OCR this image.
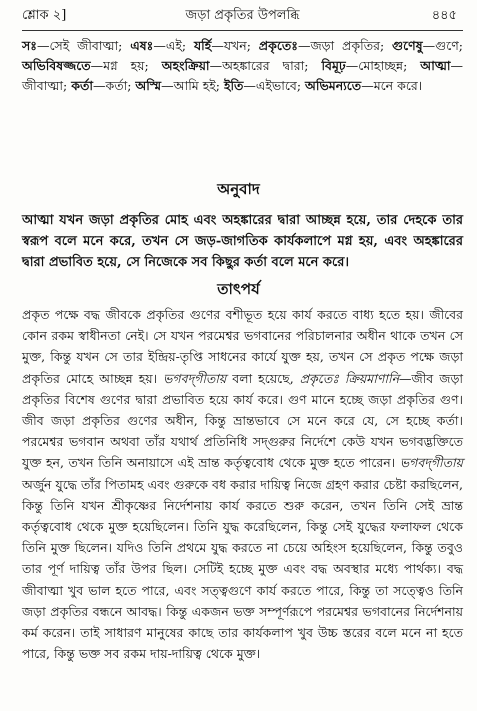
শ্লোক ২]	জড়া প্রকৃতির উপলব্ধি	৪৪৫
সঃ—সেই জীবাত্মা; এষঃ—এই; যর্হি—যখন; প্রকৃতেঃ—জড়া প্রকৃতির; গুণেষু—গুণে; অভিবিষজ্জতে—মগ্ন হয়; অহংক্রিয়া—অহঙ্কারের দ্বারা; বিমূঢ়—মোহাচ্ছন্ন; আত্মা—জীবাত্মা; কর্তা—কর্তা; অস্মি—আমি হই; ইতি—এইভাবে; অভিমন্যতে—মনে করে।
অনুবাদ
আত্মা যখন জড়া প্রকৃতির মোহ এবং অহঙ্কারের দ্বারা আচ্ছন্ন হয়ে, তার দেহকে তার স্বরূপ বলে মনে করে, তখন সে জড়-জাগতিক কার্যকলাপে মগ্ন হয়, এবং অহঙ্কারের দ্বারা প্রভাবিত হয়ে, সে নিজেকে সব কিছুর কর্তা বলে মনে করে।
তাৎপর্য
প্রকৃত পক্ষে বদ্ধ জীবকে প্রকৃতির গুণের বশীভূত হয়ে কার্য করতে বাধ্য হতে হয়। জীবের কোন রকম স্বাধীনতা নেই। সে যখন পরমেশ্বর ভগবানের পরিচালনার অধীন থাকে তখন সে মুক্ত, কিন্তু যখন সে তার ইন্দ্রিয়-তৃপ্তি সাধনের কার্যে যুক্ত হয়, তখন সে প্রকৃত পক্ষে জড়া প্রকৃতির মোহে আচ্ছন্ন হয়। ভগবদ্‌গীতায় বলা হয়েছে, প্রকৃতেঃ ক্রিয়মাণানি—জীব জড়া প্রকৃতির বিশেষ গুণের দ্বারা প্রভাবিত হয়ে কার্য করে। গুণ মানে হচ্ছে জড়া প্রকৃতির গুণ। জীব জড়া প্রকৃতির গুণের অধীন, কিন্তু ভ্রান্তভাবে সে মনে করে যে, সে হচ্ছে কর্তা। পরমেশ্বর ভগবান অথবা তাঁর যথার্থ প্রতিনিধি সদ্‌গুরুর নির্দেশে কেউ যখন ভগবদ্ভক্তিতে যুক্ত হন, তখন তিনি অনায়াসে এই ভ্রান্ত কর্তৃত্ববোধ থেকে মুক্ত হতে পারেন। ভগবদ্‌গীতায় অর্জুন যুদ্ধে তাঁর পিতামহ এবং গুরুকে বধ করার দায়িত্ব নিজে গ্রহণ করার চেষ্টা করছিলেন, কিন্তু তিনি যখন শ্রীকৃষ্ণের নির্দেশনায় কার্য করতে শুরু করেন, তখন তিনি সেই ভ্রান্ত কর্তৃত্ববোধ থেকে মুক্ত হয়েছিলেন। তিনি যুদ্ধ করেছিলেন, কিন্তু সেই যুদ্ধের ফলাফল থেকে তিনি মুক্ত ছিলেন। যদিও তিনি প্রথমে যুদ্ধ করতে না চেয়ে অহিংস হয়েছিলেন, কিন্তু তবুও তার পূর্ণ দায়িত্ব তাঁর উপর ছিল। সেটিই হচ্ছে মুক্ত এবং বদ্ধ অবস্থার মধ্যে পার্থক্য। বদ্ধ জীবাত্মা খুব ভাল হতে পারে, এবং সত্ত্বগুণে কার্য করতে পারে, কিন্তু তা সত্ত্বেও তিনি জড়া প্রকৃতির বন্ধনে আবদ্ধ। কিন্তু একজন ভক্ত সম্পূর্ণরূপে পরমেশ্বর ভগবানের নির্দেশনায় কর্ম করেন। তাই সাধারণ মানুষের কাছে তার কার্যকলাপ খুব উচ্চ স্তরের বলে মনে না হতে পারে, কিন্তু ভক্ত সব রকম দায়-দায়িত্ব থেকে মুক্ত।
